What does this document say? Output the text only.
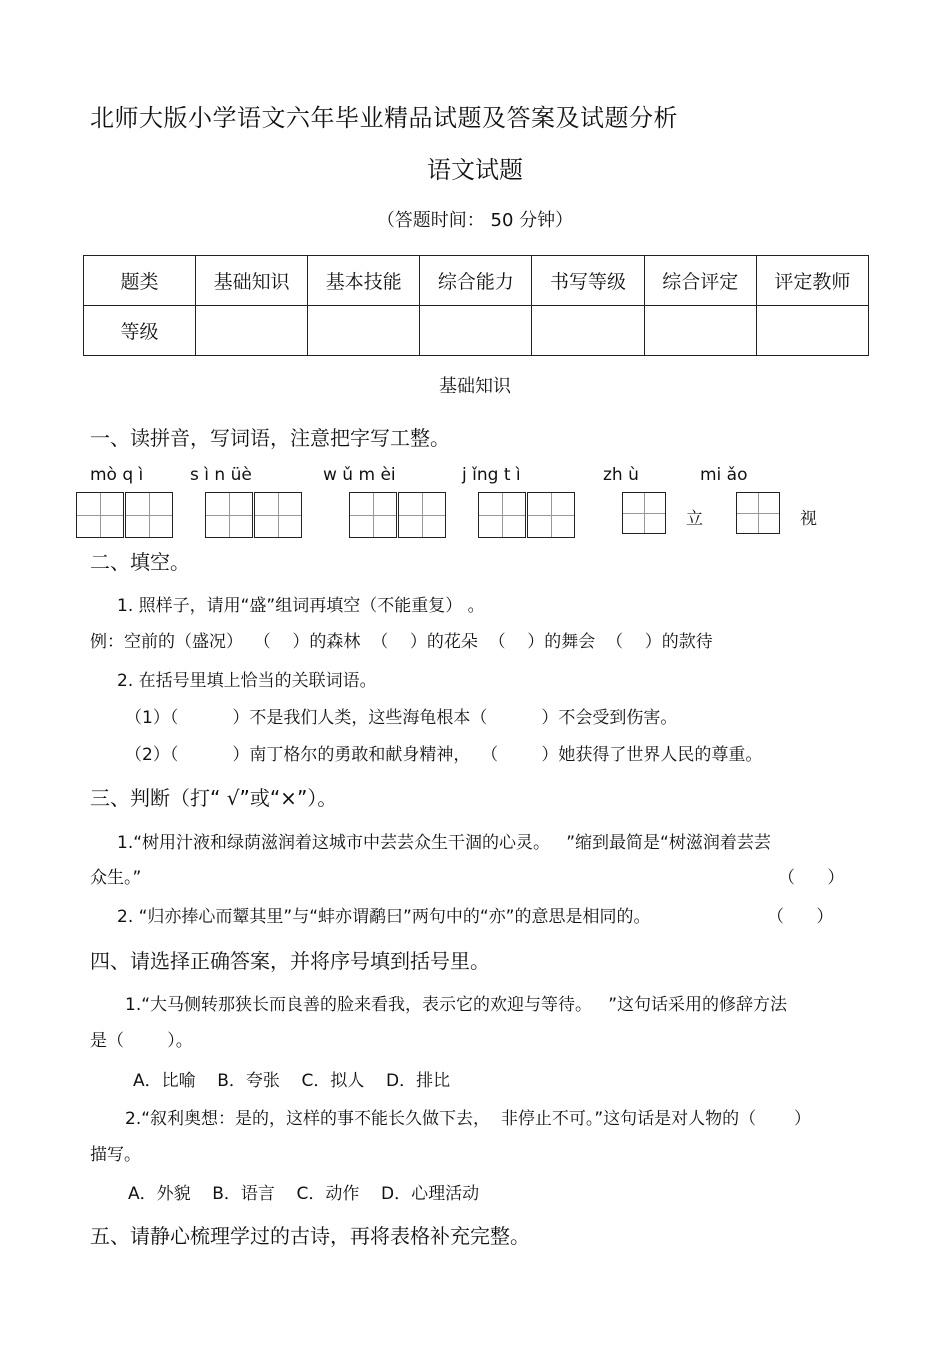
北师大版小学语文六年毕业精品试题及答案及试题分析
语文试题
（答题时间： 50 分钟）
题类	基础知识	基本技能	综合能力	书写等级	综合评定	评定教师
等级						
基础知识
一、读拼音，写词语，注意把字写工整。
mò q ì	s ì n üè	w ǔ m èi	j ǐng t ì	zh ù	mi ǎo
立	视
二、填空。
1. 照样子，请用“盛”组词再填空（不能重复） 。
例：空前的（盛况）  （    ）的森林  （    ）的花朵  （    ）的舞会  （    ）的款待
2. 在括号里填上恰当的关联词语。
（1）（          ）不是我们人类，这些海龟根本（          ）不会受到伤害。
（2）（          ）南丁格尔的勇敢和献身精神，  （        ）她获得了世界人民的尊重。
三、判断（打“ √”或“×”）。
1.“树用汁液和绿荫滋润着这城市中芸芸众生干涸的心灵。   ”缩到最简是“树滋润着芸芸
众生。”	（      ）
2. “归亦捧心而颦其里”与“蚌亦谓鹬曰”两句中的“亦”的意思是相同的。	（      ）
四、请选择正确答案，并将序号填到括号里。
1.“大马侧转那狭长而良善的脸来看我，表示它的欢迎与等待。   ”这句话采用的修辞方法
是（        ）。
A．比喻    B．夸张    C．拟人    D．排比
2.“叙利奥想：是的，这样的事不能长久做下去，  非停止不可。”这句话是对人物的（       ）
描写。
A．外貌    B．语言    C．动作    D．心理活动
五、请静心梳理学过的古诗，再将表格补充完整。
